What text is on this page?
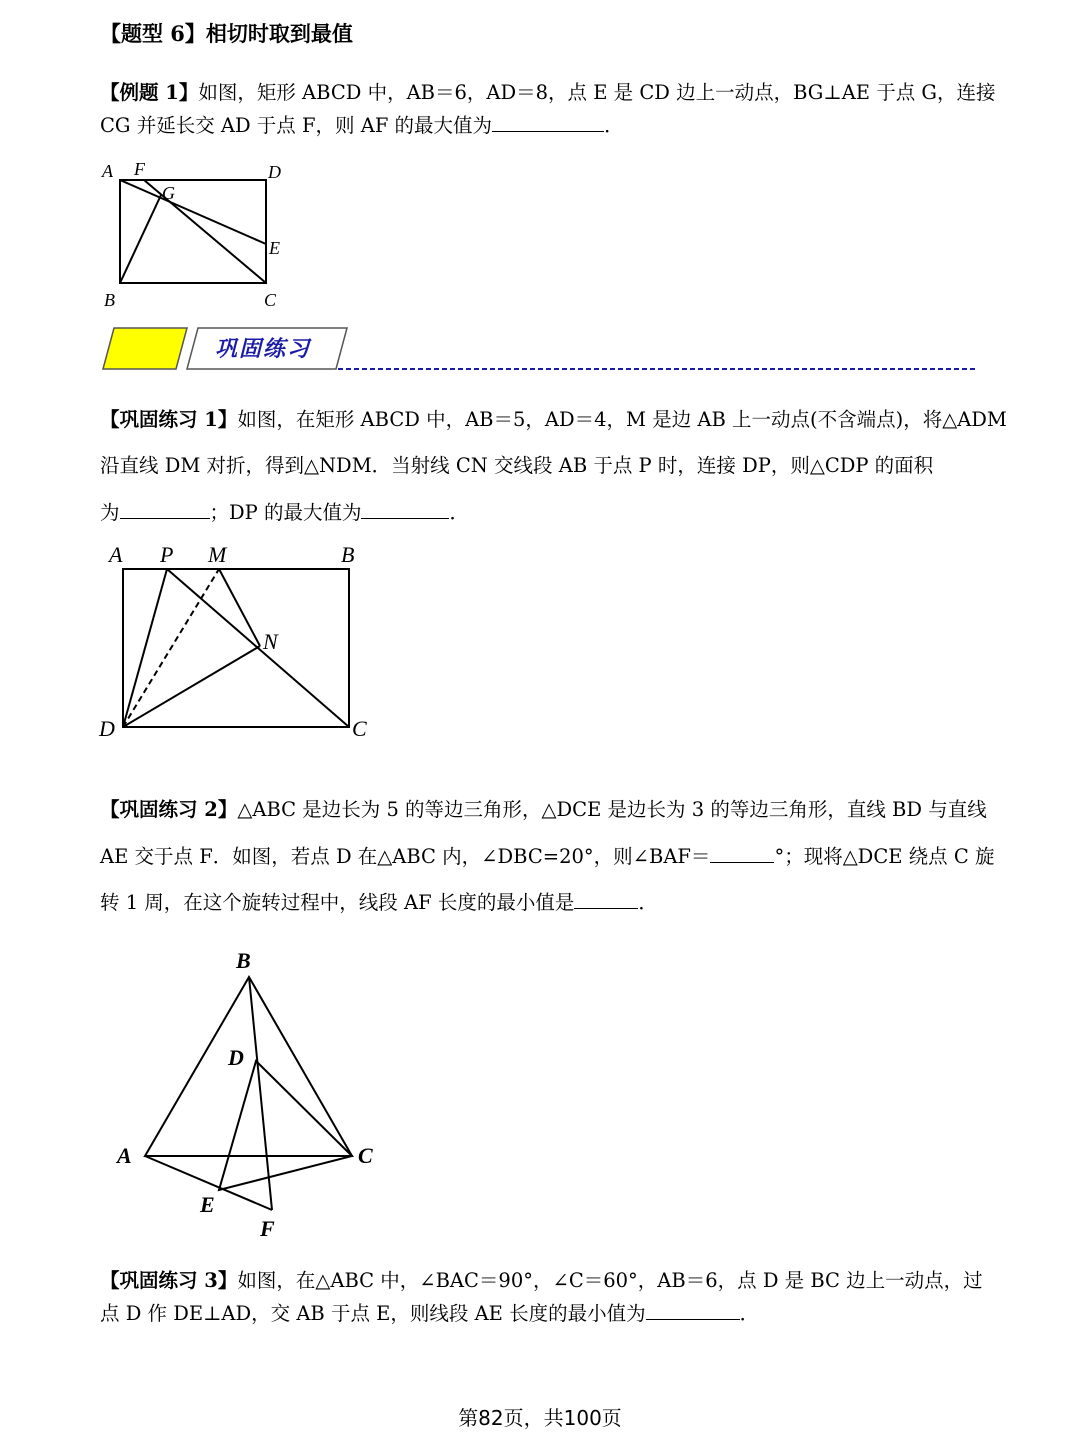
【题型 6】相切时取到最值
【例题 1】如图，矩形 ABCD 中，AB＝6，AD＝8，点 E 是 CD 边上一动点，BG⊥AE 于点 G，连接
CG 并延长交 AD 于点 F，则 AF 的最大值为	．
A F	D
G
E
B	C
巩固练习
【巩固练习 1】如图，在矩形 ABCD 中，AB＝5，AD＝4，M 是边 AB 上一动点(不含端点)，将△ADM
沿直线 DM 对折，得到△NDM．当射线 CN 交线段 AB 于点 P 时，连接 DP，则△CDP 的面积
为	；DP 的最大值为	．
A P M	B
N
D	C
【巩固练习 2】△ABC 是边长为 5 的等边三角形，△DCE 是边长为 3 的等边三角形，直线 BD 与直线
AE 交于点 F．如图，若点 D 在△ABC 内，∠DBC=20°，则∠BAF＝	°；现将△DCE 绕点 C 旋
转 1 周，在这个旋转过程中，线段 AF 长度的最小值是	．
B
D
A	C
E
F
【巩固练习 3】如图，在△ABC 中，∠BAC＝90°，∠C＝60°，AB＝6，点 D 是 BC 边上一动点，过
点 D 作 DE⊥AD，交 AB 于点 E，则线段 AE 长度的最小值为	．
第82页，共100页
